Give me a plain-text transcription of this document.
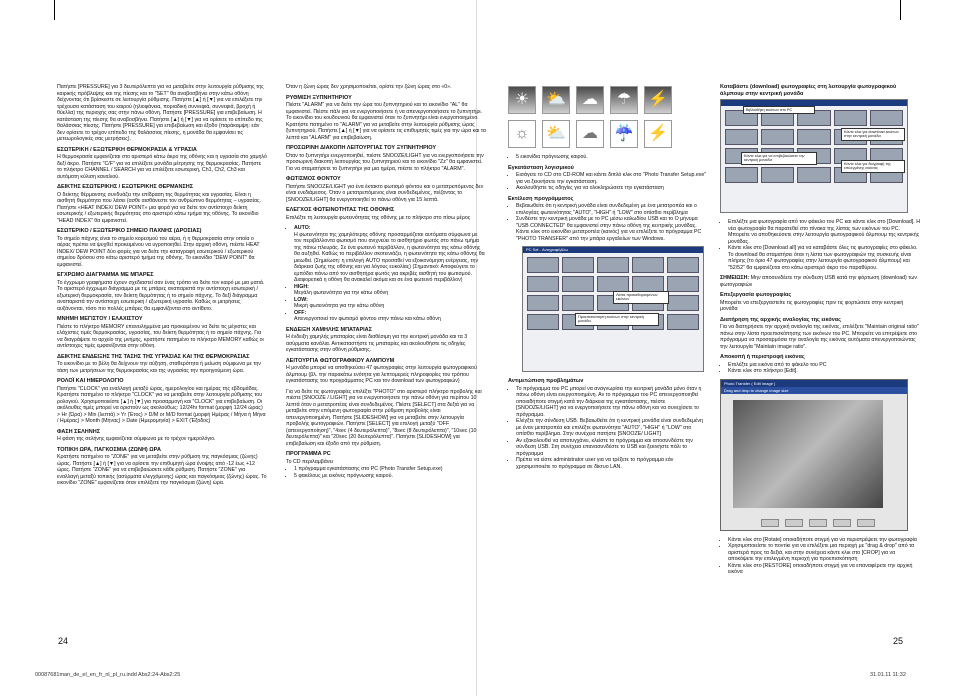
Πατήστε [PRESSURE] για 3 δευτερόλεπτα για να μεταβείτε στην λειτουργία ρύθμισης της καιρικής πρόβλεψης και της πίεσης και το "SET" θα αναβοσβήνει στην κάτω οθόνη δείχνοντας ότι βρίσκεστε σε λειτουργία ρύθμισης. Πατήστε [▲] ή [▼] για να επιλέξετε την τρέχουσα κατάσταση του καιρού (ηλιοφάνεια, ποριαδική συννεφιά, συννεφιά, βροχή ή θύελλα) της περιοχής σας στην πάνω οθόνη. Πατήστε [PRESSURE] για επιβεβαίωση. Η κατάσταση της πίεσης θα αναβοσβήνει. Πατήστε [▲] ή [▼] για να ορίσετε το επίπεδο της θαλάσσιας πίεσης. Πατήστε [PRESSURE] για επιβεβαίωση και έξοδο (παράκαμψη: εάν δεν ορίσετε το τρέχον επίπεδο της θαλάσσιας πίεσης, η μονάδα θα εμφανίσει τις μετεωρολογικές σας μετρήσεις).

ΕΣΩΤΕΡΙΚΗ / ΕΞΩΤΕΡΙΚΗ ΘΕΡΜΟΚΡΑΣΙΑ & ΥΓΡΑΣΙΑ

Η θερμοκρασία εμφανίζεται στο αριστερό κάτω άκρο της οθόνης και η υγρασία στο χαμηλό δεξί άκρο. Πατήστε "C/F" για να επιλέξετε μονάδα μέτρησης της θερμοκρασίας. Πατήστε το πλήκτρο CHANNEL / SEARCH για να επιλέξετε εσωτερική, Ch1, Ch2, Ch3 και αυτόματη κύλιση καναλιού.

ΔΕΙΚΤΗΣ ΕΣΩΤΕΡΙΚΗΣ / ΕΞΩΤΕΡΙΚΗΣ ΘΕΡΜΑΝΣΗΣ

Ο δείκτης θέρμανσης συνδυάζει την επίδραση της θερμότητας και υγρασίας. Είναι η αισθητή θερμότητα που λάσει (ασθε αισθάνεστε τον ανθρώπινο θερμότητας – υγρασίας. Πατήστε «HEAT INDEX/ DEW POINT» μια φορά για να δείτε τον αντίστοιχο δείκτη εσωτερικής / εξωτερικής θερμότητας στο αριστερό κάτω τμήμα της οθόνης. Το εικονίδιο "HEAD INDEX" θα εμφανιστεί.

ΕΣΩΤΕΡΙΚΟ / ΕΞΩΤΕΡΙΚΟ ΣΗΜΕΙΟ ΠΑΧΝΗΣ (ΔΡΟΣΙΑΣ)

Το σημείο πάχνης είναι το σημείο κορεσμού του αέρα, ή η θερμοκρασία στην οποία ο αέρας πρέπει να ψυχθεί προκειμένου να υγροποιηθεί. Στην αρχική οθόνη, πιέστε HEAT INDEX/ DEW POINT δύο φορές για να δείτε την καταγραφή εσωτερικού / εξωτερικού σημείου δρόσου στο κάτω αριστερό τμήμα της οθόνης. Το εικονίδιο "DEW POINT" θα εμφανιστεί.

ΕΓΧΡΩΜΟ ΔΙΑΓΡΑΜΜΑ ΜΕ ΜΠΑΡΕΣ

Το έγχρωμο γραφήματα έχουν σχεδιαστεί σαν ένας τρόπο να δείτε τον καιρό με μια ματιά. Το αριστερό έγχρωμο διάγραμμα με τις μπάρες αναπαριστά την αντίστοιχη εσωτερική / εξωτερική θερμοκρασία, τον δείκτη θερμότητας ή το σημείο πάχνης. Το δεξί διάγραμμα αναπαριστά την αντίστοιχη εσωτερική / εξωτερική υγρασία. Καθώς οι μετρήσεις αυξάνονται, τόσο πιο πολλές μπάρες θα εμφανίζονται στο αντίθετο.

ΜΝΗΜΗ ΜΕΓΙΣΤΟΥ / ΕΛΑΧΙΣΤΟΥ

Πιέστε το πλήκτρο MEMORY επανειλημμένα μια προκειμένου να δείτε τις μέγιστες και ελάχιστες τιμές θερμοκρασίας, υγρασίας, του δείκτη θερμότητας ή το σημείο πάχνης. Για να διαγράψετε το αρχείο της μνήμης, κρατήστε πατημένο το πλήκτρο MEMORY καθώς οι αντίστοιχες τιμές εμφανίζονται στην οθόνη.

ΔΕΙΚΤΗΣ ΕΝΔΕΙΞΗΣ ΤΗΣ ΤΑΣΗΣ ΤΗΣ ΥΓΡΑΣΙΑΣ ΚΑΙ ΤΗΣ ΘΕΡΜΟΚΡΑΣΙΑΣ

Το εικονίδιο με το βέλη θα δείχνουν την αύξηση, σταθερότητα ή μείωση σύμφωνα με την τάση των μετρήσεων της θερμοκρασίας και της υγρασίας την προηγούμενη ώρα.

ΡΟΛΟΪ ΚΑΙ ΗΜΕΡΟΛΟΓΙΟ

Πατήστε "CLOCK" για εναλλαγή μεταξύ ώρας, ημερολογίου και ημέρας της εβδομάδας. Κρατήστε πατημένο το πλήκτρο "CLOCK" για να μεταβείτε στην λειτουργία ρύθμισης του ρολογιού. Χρησιμοποιείστε [▲] ή [▼] για προσαρμογή και "CLOCK" για επιβεβαίωση. Οι ακόλουθες τιμές μπορεί να οριστούν ως ακολούθως: 12/24hr format (μορφή 12/24 ώρας) > Hr (Ώρα) > Min (λεπτά) > Yr (Έτος) > D/M or M/D format (μορφή Ημέρας / Μήνα ή Μήνα / Ημέρας) > Month (Μήνας) > Date (Ημερομηνία) > EXIT (Έξοδος)

ΦΑΣΗ ΣΕΛΗΝΗΣ

Η φάση της σελήνης εμφανίζεται σύμφωνα με το τρέχον ημερολόγιο.

ΤΟΠΙΚΗ ΩΡΑ, ΠΑΓΚΟΣΜΙΑ (ΖΩΝΗ) ΩΡΑ

Κρατήστε πατημένο το "ZONE" για να μεταβείτε στην ρύθμιση της παγκόσμιας (ζώνης) ώρας. Πατήστε [▲] ή [▼] για να ορίσετε την επιθυμητή ώρα ένοψης από -12 έως +12 ώρες. Πατήστε "ZONE" για να επιβεβαιώσετε κάθε ρύθμιση. Πατήστε "ZONE" για εναλλαγή μεταξύ τοπικής (ασύρματα ελεγχόμενης) ώρας και παγκόσμιας (ζώνης) ώρας. Το εικονίδιο "ZONE" εμφανίζεται όταν επιλέξετε την παγκόσμια (ζώνη) ώρα.

Όταν η ζώνη ώρας δεν χρησιμοποιείται, ορίστε την ζώνη ώρας στο «0».

ΡΥΘΜΙΣΗ ΞΥΠΝΗΤΗΡΙΟΥ

Πιέστε "ALARM" για να δείτε την ώρα του ξυπνητηριού και το εικονίδιο "AL" θα εμφανιστεί. Πιέστε πάλι για να ενεργοποιήσετε ή να απενεργοποιήσετε το ξυπνητήρι. Το εικονίδιο του κουδουνιού θα εμφανιστεί όταν το ξυπνητήρι είναι ενεργοποιημένο. Κρατήστε πατημένο το "ALARM" για να μεταβείτε στην λειτουργία ρύθμισης ώρας ξυπνητηριού. Πατήστε [▲] ή [▼] για να ορίσετε τις επιθυμητές τιμές για την ώρα και τα λεπτά και "ALARM" για επιβεβαίωση.

ΠΡΟΣΩΡΙΝΗ ΔΙΑΚΟΠΗ ΛΕΙΤΟΥΡΓΙΑΣ ΤΟΥ ΞΥΠΝΗΤΗΡΙΟΥ

Όταν το ξυπνητήρι ενεργοποιηθεί, πιέστε SNOOZE/LIGHT για να ενεργοποιήσετε την προσωρινή διακοπή λειτουργίας του ξυπνητηριού και το εικονίδιο "Zz" θα εμφανιστεί. Για να σταματήσετε το ξυπνητήρι για μια ημέρα, πιέστε το πλήκτρο "ALARM".

ΦΩΤΙΣΜΟΣ ΦΟΝΤΟΥ

Πατήστε SNOOZE/LIGHT για ένα έκτακτο φωτισμό φόντου και ο μετατρεπόμενος δεν είναι ενεδιάμεσος. Όταν ο μετατρεπόμενος είναι συνδεδεμένος, πιέζοντας το [SNOOZE/LIGHT] θα ενεργοποιηθεί το πάνω οθόνη για 15 λεπτά.

ΕΛΕΓΧΟΣ ΦΩΤΕΙΝΟΤΗΤΑΣ ΤΗΣ ΟΘΟΝΗΣ

Επιλέξτε τη λειτουργία φωτεινότητας της οθόνης με το πλήκτρο στο πίσω μέρος

• AUTO:
Η φωτεινότητα της χαμηλότερης οθόνης προσαρμόζεται αυτόματα σύμφωνα με τον περιβάλλοντα φωτισμό που ανιχνεύει το αισθητήριο φωτός στο πάνω τμήμα της πάνω πλευράς. Σε ένα φωτεινό περιβάλλον, η φωτεινότητα της κάτω οθόνης θα αυξηθεί. Καθώς το περιβάλλον σκοτεινιάζει, η φωτεινότητα της κάτω οθόνης θα μειωθεί. (Σημείωση: η επιλογή AUTO προσαθεί να εξοικονόμηση ενέργειας, την διάρκεια ζωής της οθόνης και για λόγους ευκολίας) (Σημαντικό: Αποφεύγετε το εμπόδιο πάνω από τον αισθητήρα φωτός για ακριβές αισθητή του φωτισμού. Διαφορετικά η οθόνη θα ανακαλεί ακόμα και σε ένα φωτεινό περιβάλλον)
• HIGH:
Μεγάλη φωτεινότητα για την κάτω οθόνη
• LOW:
Μικρή φωτεινότητα για την κάτω οθόνη
• OFF:
Απενεργοποιεί τον φωτισμό φόντου στην πάνω και κάτω οθόνη
ΕΝΔΕΙΞΗ ΧΑΜΗΛΗΣ ΜΠΑΤΑΡΙΑΣ

Η ένδειξη χαμηλής μπαταρίας είναι διαθέσιμη για την κεντρική μονάδα και τα 3 ασύρματα κανάλια. Αντικαταστήστε τις μπαταρίες και ακολουθήστε τις οδηγίες εγκατάστασης στην οθόνη ρύθμισης.

ΛΕΙΤΟΥΡΓΙΑ ΦΩΤΟΓΡΑΦΙΚΟΥ ΑΛΜΠΟΥΜ

Η μονάδα μπορεί να αποθηκεύσει 47 φωτογραφίες στην λειτουργία φωτογραφικού άλμπουμ (βλ. την παρακάτω ενότητα για λεπτομερείς πληροφορίες του τρόπου εγκατάστασης του προγράμματος PC και τον download των φωτογραφιών)

Για να δείτε τις φωτογραφίες επιλέξτε "PHOTO" στο αριστερό πλήκτρο προβολής και πιέστε [SNOOZE / LIGHT] για να ενεργοποιήσετε την πάνω οθόνη για περίπου 10 λεπτά όταν ο μετατροπέας είναι συνδεδεμένος. Πιέστε [SELECT] στα δεξιά για να μεταβείτε στην επόμενη φωτογραφία στην ρύθμιση προβολής είναι απενεργοποιημένη. Πατήστε [SLIDESHOW] για να μεταβείτε στην λειτουργία προβολής φωτογραφιών. Πατήστε [SELECT] για επιλογή μεταξύ "OFF (απενεργοποίηση)", "4sec (4 δευτερόλεπτα)", "8sec (8 δευτερόλεπτα)", "10sec (10 δευτερόλεπτα)" και "20sec (20 δευτερόλεπτα)". Πατήστε [SLIDESHOW] για επιβεβαίωση και έξοδο από την ρύθμιση.

ΠΡΟΓΡΑΜΜΑ PC

Το CD περιλαμβάνει

• 1 πρόγραμμα εγκατάστασης στο PC (Photo Transfer Setup.exe)
• 5 φακέλους με εικόνες πρόγνωσης καιρού.
☀	⛅	☁	☂	⚡
☼	⛅	☁	☔ ⚡
• 5 εικονίδια πρόγνωσης καιρού.
Εγκατάσταση λογισμικού
• Εισάγετε το CD στο CD-ROM και κάντε διπλό κλικ στο "Photo Transfer Setup.exe" για να ξεκινήσετε την εγκατάσταση.
• Ακολουθήστε τις οδηγίες για να ολοκληρώσετε την εγκατάσταση
Εκτέλεση προγράμματος
• Βεβαιωθείτε ότι η κεντρική μονάδα είναι συνδεδεμένη με ένα μετατροπέα και ο επιλογέας φωτεινότητας "AUTO", "HIGH" ή "LOW" στο οπίσθιο περίβλημα
• Συνδέστε την κεντρική μονάδα με το PC μέσω καλωδίου USB και το Ο μήνυμα "USB CONNECTED" θα εμφανιστεί στην πάνω οθόνη της κεντρικής μονάδας. Κάντε κλικ στο εικονίδιο μετατροπέα (καινός) για να επιλέξετε το πρόγραμμα PC "PHOTO TRANSFER" από την μπάρα εργαλείων των Windows.
PC Sel - ΑντιγραφήΑλω
Λίστα προκαθορισμένων εικόνων
Προεπισκόπηση εικόνων στην κεντρική μονάδα
Αντιμετώπιση προβλημάτων
• Το πρόγραμμα του PC μπορεί να αναγνωρίσει την κεντρική μονάδα μόνο όταν η πάνω οθόνη είναι ενεργοποιημένη. Αν το πρόγραμμα του PC απενεργοποιηθεί οποιαδήποτε στιγμή κατά την διάρκεια της εγκατάστασης, πιέστε [SNOOZE/LIGHT] για να ενεργοποιήσετε την πάνω οθόνη και να συνεχίσετε το πρόγραμμα.
• Ελέγξτε την σύνδεση USB. Βεβαιωθείτε ότι η κεντρική μονάδα είναι συνδεδεμένη με έναν μετατροπέα και επιλέξτε φωτεινότητα "AUTO", "HIGH" ή "LOW" στο οπίσθιο περίβλημα. Στην συνέχεια πατήστε [SNOOZE/ LIGHT]
• Αν εξακολουθεί να αποτυγχάνει, κλείστε το πρόγραμμα και αποσυνδέστε την σύνδεση USB. Στη συνέχεια επανασυνδέστε το USB και ξεκινήστε πάλι το πρόγραμμα
• Πρέπει να είστε administrator user για να τρέξετε το πρόγραμμα εάν χρησιμοποιείτε το πρόγραμμα σε δίκτυο LAN.
Καταβάστε (download) φωτογραφίες στη λειτουργία φωτογραφικού άλμπουμ στην κεντρική μονάδα
Βιβλιοθήκη εικόνων στο PC
Κάντε κλικ για download εικόνων στην κεντρική μονάδα
Κάντε κλικ για να επιβεβαιώσετε την κεντρική μονάδα
Κάντε κλικ για διαγραφή της επιλεγμένης εικόνας
• Επιλέξτε μια φωτογραφία από τον φάκελο του PC και κάντε κλικ στο [Download]. Η νέα φωτογραφία θα παρατεθεί στο πίνακα της λίστας των εικόνων του PC. Μπορείτε να αποθηκεύσετε στην λειτουργία φωτογραφικού άλμπουμ της κεντρικής μονάδας.
• Κάντε κλικ στο [Download all] για να καταβάστε όλες τις φωτογραφίες στο φάκελο. Το download θα σταματήσει όταν η λίστα των φωτογραφιών της συσκευής είναι πλήρης (το όριο 47 φωτογραφίες στην λειτουργία φωτογραφικού άλμπουμ) και "52/52" θα εμφανίζεται στο κάτω αριστερό άκρο του παραθύρου.

ΣΗΜΕΙΩΣΗ: Μην αποσυνδέετε την σύνδεση USB κατά την φόρτωση (download) των φωτογραφιών

Επεξεργασία φωτογραφίας

Μπορείτε να επεξεργαστείτε τις φωτογραφίες πριν τις φορτώσετε στην κεντρική μονάδα

Διατήρηση της αρχικής αναλογίας της εικόνας

Για να διατηρήσετε την αρχική αναλογία της εικόνας, επιλέξετε "Maintain original ratio" πάνω στην λίστα προεπισκόπησης των εικόνων του PC. Μπορείτε να επιτρέψετε στο πρόγραμμα να προσαρμόσει την αναλογία της εικόνας αυτόματα απενεργοποιώντας την λειτουργία "Maintain image ratio".

Αποκοπή ή περιστροφή εικόνας
• Επιλέξτε μια εικόνα από το φάκελο του PC
• Κάντε κλικ στο πλήκτρο [Edit].
Photo Transfer ( Edit Image )
Drag and drop to change image size
• Κάντε κλικ στο [Rotate] οποιαδήποτε στιγμή για να περιστρέψετε την φωτογραφία
• Χρησιμοποιείστε το ποντίκι για να επιλέξετε μια περιοχή με "drag & drop" από τα αριστερά προς τα δεξιά, και στην συνέχεια κάντε κλικ στο [CROP] για να αποκόψετε την επιλεγμένη περιοχή για προεπισκόπηση
• Κάντε κλικ στο [RESTORE] οποιαδήποτε στιγμή για να επαναφέρετε την αρχική εικόνα
24	25
00087681man_de_el_en_fr_nl_pl_ru.indd Abs2:24-Abs2:25	31.01.11 11:32
